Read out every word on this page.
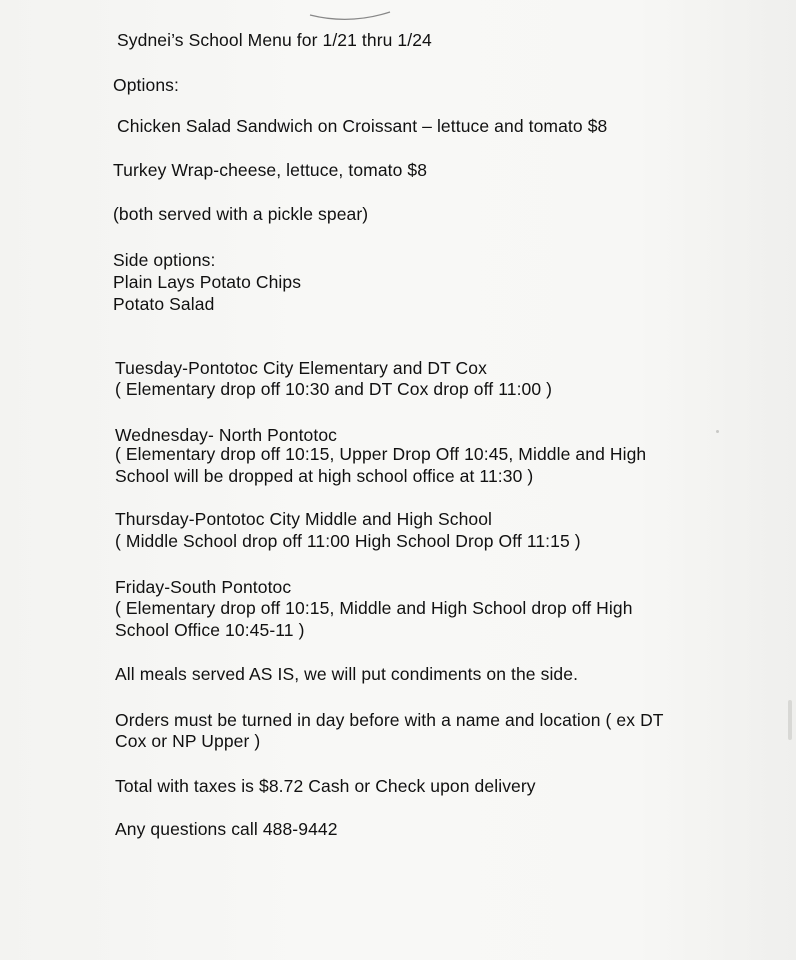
Sydnei’s School Menu for 1/21 thru 1/24
Options:
Chicken Salad Sandwich on Croissant – lettuce and tomato $8
Turkey Wrap-cheese, lettuce, tomato $8
(both served with a pickle spear)
Side options:
Plain Lays Potato Chips
Potato Salad
Tuesday-Pontotoc City Elementary and DT Cox
( Elementary drop off 10:30 and DT Cox drop off 11:00 )
Wednesday- North Pontotoc
( Elementary drop off 10:15, Upper Drop Off 10:45, Middle and High
School will be dropped at high school office at 11:30 )
Thursday-Pontotoc City Middle and High School
( Middle School drop off 11:00 High School Drop Off 11:15 )
Friday-South Pontotoc
( Elementary drop off 10:15, Middle and High School drop off High
School Office 10:45-11 )
All meals served AS IS, we will put condiments on the side.
Orders must be turned in day before with a name and location ( ex DT
Cox or NP Upper )
Total with taxes is $8.72 Cash or Check upon delivery
Any questions call 488-9442
